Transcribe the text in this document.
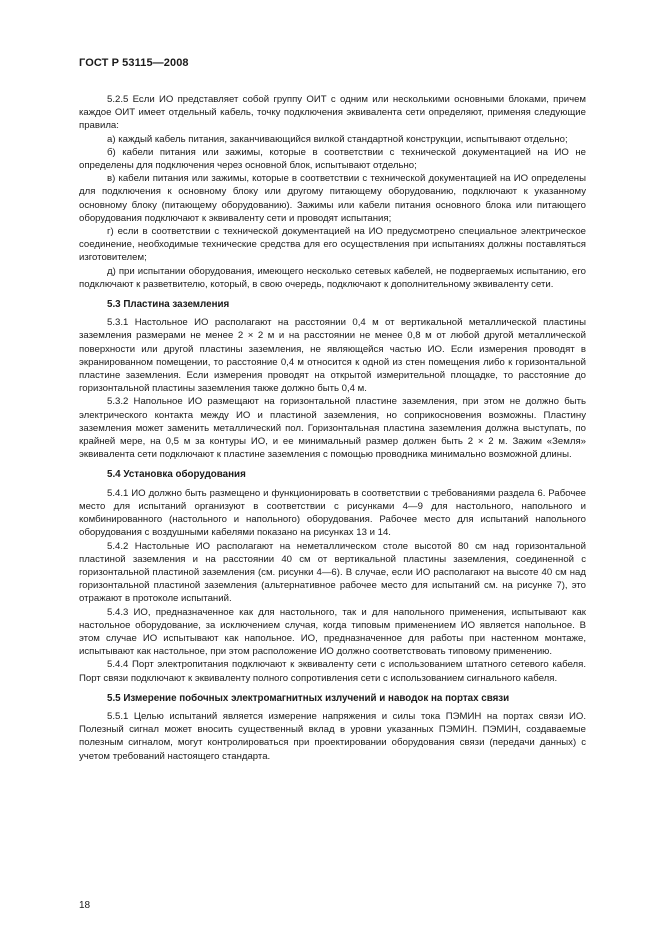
ГОСТ Р 53115—2008

5.2.5 Если ИО представляет собой группу ОИТ с одним или несколькими основными блоками, причем каждое ОИТ имеет отдельный кабель, точку подключения эквивалента сети определяют, применяя следующие правила:

а) каждый кабель питания, заканчивающийся вилкой стандартной конструкции, испытывают отдельно;

б) кабели питания или зажимы, которые в соответствии с технической документацией на ИО не определены для подключения через основной блок, испытывают отдельно;

в) кабели питания или зажимы, которые в соответствии с технической документацией на ИО определены для подключения к основному блоку или другому питающему оборудованию, подключают к указанному основному блоку (питающему оборудованию). Зажимы или кабели питания основного блока или питающего оборудования подключают к эквиваленту сети и проводят испытания;

г) если в соответствии с технической документацией на ИО предусмотрено специальное электрическое соединение, необходимые технические средства для его осуществления при испытаниях должны поставляться изготовителем;

д) при испытании оборудования, имеющего несколько сетевых кабелей, не подвергаемых испытанию, его подключают к разветвителю, который, в свою очередь, подключают к дополнительному эквиваленту сети.

5.3 Пластина заземления

5.3.1 Настольное ИО располагают на расстоянии 0,4 м от вертикальной металлической пластины заземления размерами не менее 2 × 2 м и на расстоянии не менее 0,8 м от любой другой металлической поверхности или другой пластины заземления, не являющейся частью ИО. Если измерения проводят в экранированном помещении, то расстояние 0,4 м относится к одной из стен помещения либо к горизонтальной пластине заземления. Если измерения проводят на открытой измерительной площадке, то расстояние до горизонтальной пластины заземления также должно быть 0,4 м.

5.3.2 Напольное ИО размещают на горизонтальной пластине заземления, при этом не должно быть электрического контакта между ИО и пластиной заземления, но соприкосновения возможны. Пластину заземления может заменить металлический пол. Горизонтальная пластина заземления должна выступать, по крайней мере, на 0,5 м за контуры ИО, и ее минимальный размер должен быть 2 × 2 м. Зажим «Земля» эквивалента сети подключают к пластине заземления с помощью проводника минимально возможной длины.

5.4 Установка оборудования

5.4.1 ИО должно быть размещено и функционировать в соответствии с требованиями раздела 6. Рабочее место для испытаний организуют в соответствии с рисунками 4—9 для настольного, напольного и комбинированного (настольного и напольного) оборудования. Рабочее место для испытаний напольного оборудования с воздушными кабелями показано на рисунках 13 и 14.

5.4.2 Настольные ИО располагают на неметаллическом столе высотой 80 см над горизонтальной пластиной заземления и на расстоянии 40 см от вертикальной пластины заземления, соединенной с горизонтальной пластиной заземления (см. рисунки 4—6). В случае, если ИО располагают на высоте 40 см над горизонтальной пластиной заземления (альтернативное рабочее место для испытаний см. на рисунке 7), это отражают в протоколе испытаний.

5.4.3 ИО, предназначенное как для настольного, так и для напольного применения, испытывают как настольное оборудование, за исключением случая, когда типовым применением ИО является напольное. В этом случае ИО испытывают как напольное. ИО, предназначенное для работы при настенном монтаже, испытывают как настольное, при этом расположение ИО должно соответствовать типовому применению.

5.4.4 Порт электропитания подключают к эквиваленту сети с использованием штатного сетевого кабеля. Порт связи подключают к эквиваленту полного сопротивления сети с использованием сигнального кабеля.

5.5 Измерение побочных электромагнитных излучений и наводок на портах связи

5.5.1 Целью испытаний является измерение напряжения и силы тока ПЭМИН на портах связи ИО. Полезный сигнал может вносить существенный вклад в уровни указанных ПЭМИН. ПЭМИН, создаваемые полезным сигналом, могут контролироваться при проектировании оборудования связи (передачи данных) с учетом требований настоящего стандарта.

18
